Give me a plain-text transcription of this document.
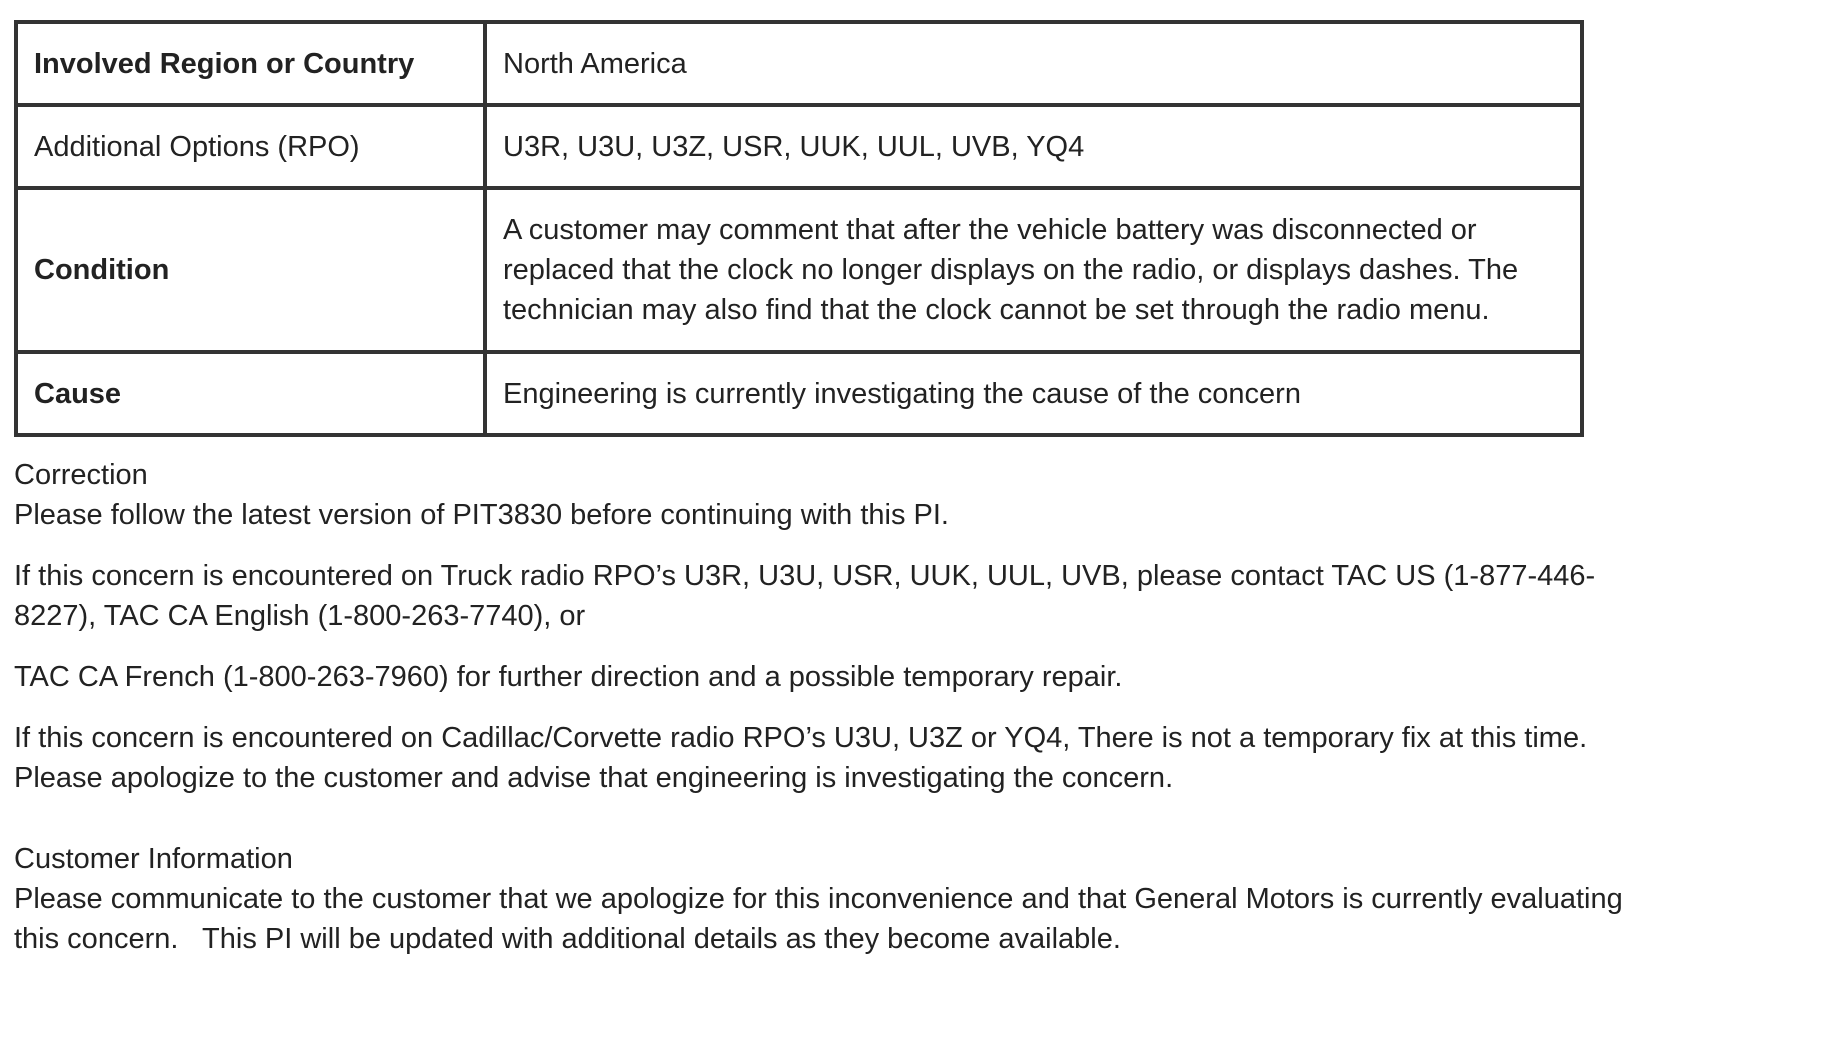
Involved Region or Country	North America
Additional Options (RPO)	U3R, U3U, U3Z, USR, UUK, UUL, UVB, YQ4
Condition	A customer may comment that after the vehicle battery was disconnected or replaced that the clock no longer displays on the radio, or displays dashes. The technician may also find that the clock cannot be set through the radio menu.
Cause	Engineering is currently investigating the cause of the concern

Correction

Please follow the latest version of PIT3830 before continuing with this PI.

If this concern is encountered on Truck radio RPO’s U3R, U3U, USR, UUK, UUL, UVB, please contact TAC US (1-877-446-8227), TAC CA English (1-800-263-7740), or

TAC CA French (1-800-263-7960) for further direction and a possible temporary repair.

If this concern is encountered on Cadillac/Corvette radio RPO’s U3U, U3Z or YQ4, There is not a temporary fix at this time. Please apologize to the customer and advise that engineering is investigating the concern.

Customer Information

Please communicate to the customer that we apologize for this inconvenience and that General Motors is currently evaluating this concern.   This PI will be updated with additional details as they become available.
